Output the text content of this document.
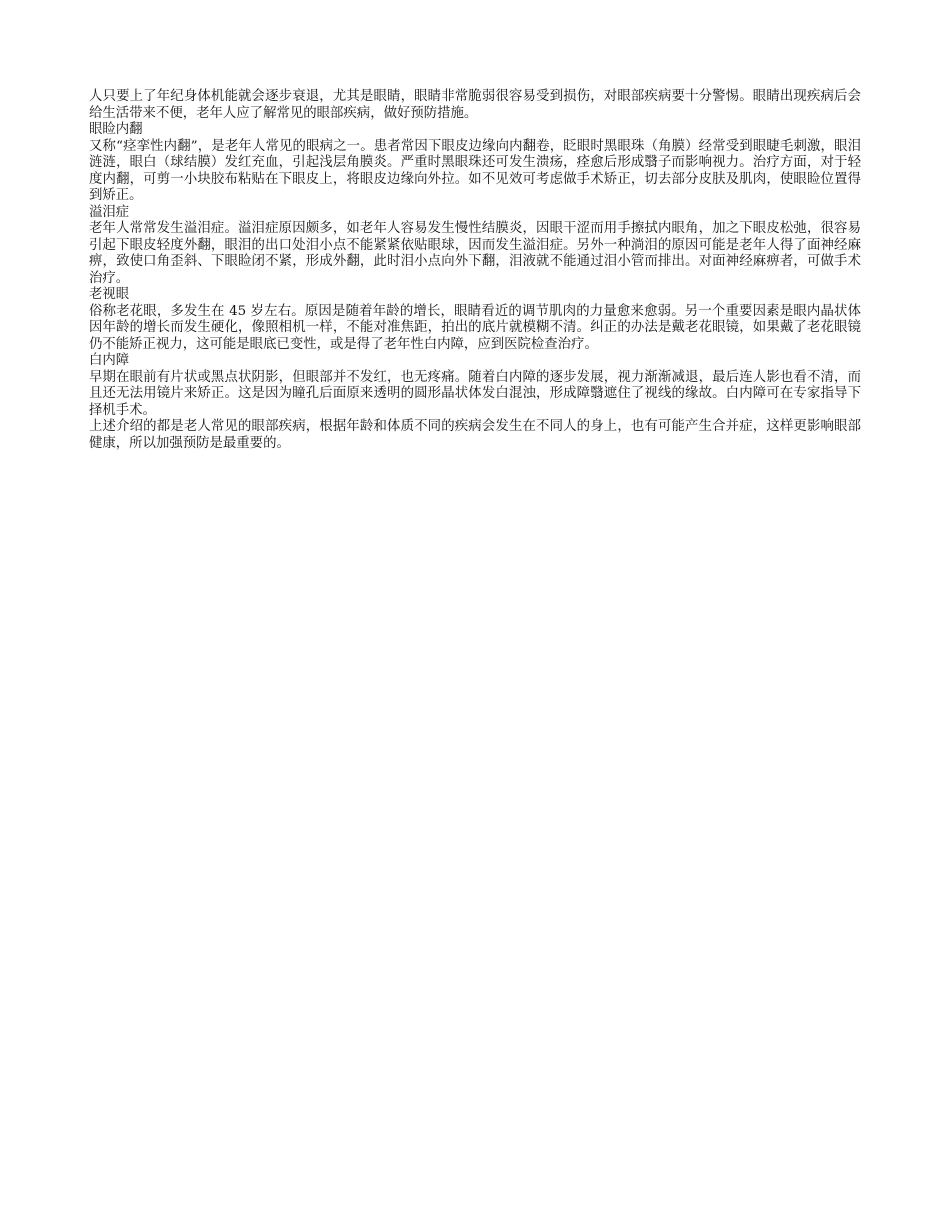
人只要上了年纪身体机能就会逐步衰退，尤其是眼睛，眼睛非常脆弱很容易受到损伤，对眼部疾病要十分警惕。眼睛出现疾病后会给生活带来不便，老年人应了解常见的眼部疾病，做好预防措施。

眼睑内翻

又称“痉挛性内翻”，是老年人常见的眼病之一。患者常因下眼皮边缘向内翻卷，眨眼时黑眼珠（角膜）经常受到眼睫毛刺激，眼泪涟涟，眼白（球结膜）发红充血，引起浅层角膜炎。严重时黑眼珠还可发生溃疡，痊愈后形成翳子而影响视力。治疗方面，对于轻度内翻，可剪一小块胶布粘贴在下眼皮上，将眼皮边缘向外拉。如不见效可考虑做手术矫正，切去部分皮肤及肌肉，使眼睑位置得到矫正。

溢泪症

老年人常常发生溢泪症。溢泪症原因颇多，如老年人容易发生慢性结膜炎，因眼干涩而用手擦拭内眼角，加之下眼皮松弛，很容易引起下眼皮轻度外翻，眼泪的出口处泪小点不能紧紧依贴眼球，因而发生溢泪症。另外一种淌泪的原因可能是老年人得了面神经麻痹，致使口角歪斜、下眼睑闭不紧，形成外翻，此时泪小点向外下翻，泪液就不能通过泪小管而排出。对面神经麻痹者，可做手术治疗。

老视眼

俗称老花眼，多发生在 45 岁左右。原因是随着年龄的增长，眼睛看近的调节肌肉的力量愈来愈弱。另一个重要因素是眼内晶状体因年龄的增长而发生硬化，像照相机一样，不能对准焦距，拍出的底片就模糊不清。纠正的办法是戴老花眼镜，如果戴了老花眼镜仍不能矫正视力，这可能是眼底已变性，或是得了老年性白内障，应到医院检查治疗。

白内障

早期在眼前有片状或黑点状阴影，但眼部并不发红，也无疼痛。随着白内障的逐步发展，视力渐渐减退，最后连人影也看不清，而且还无法用镜片来矫正。这是因为瞳孔后面原来透明的圆形晶状体发白混浊，形成障翳遮住了视线的缘故。白内障可在专家指导下择机手术。

上述介绍的都是老人常见的眼部疾病，根据年龄和体质不同的疾病会发生在不同人的身上，也有可能产生合并症，这样更影响眼部健康，所以加强预防是最重要的。
